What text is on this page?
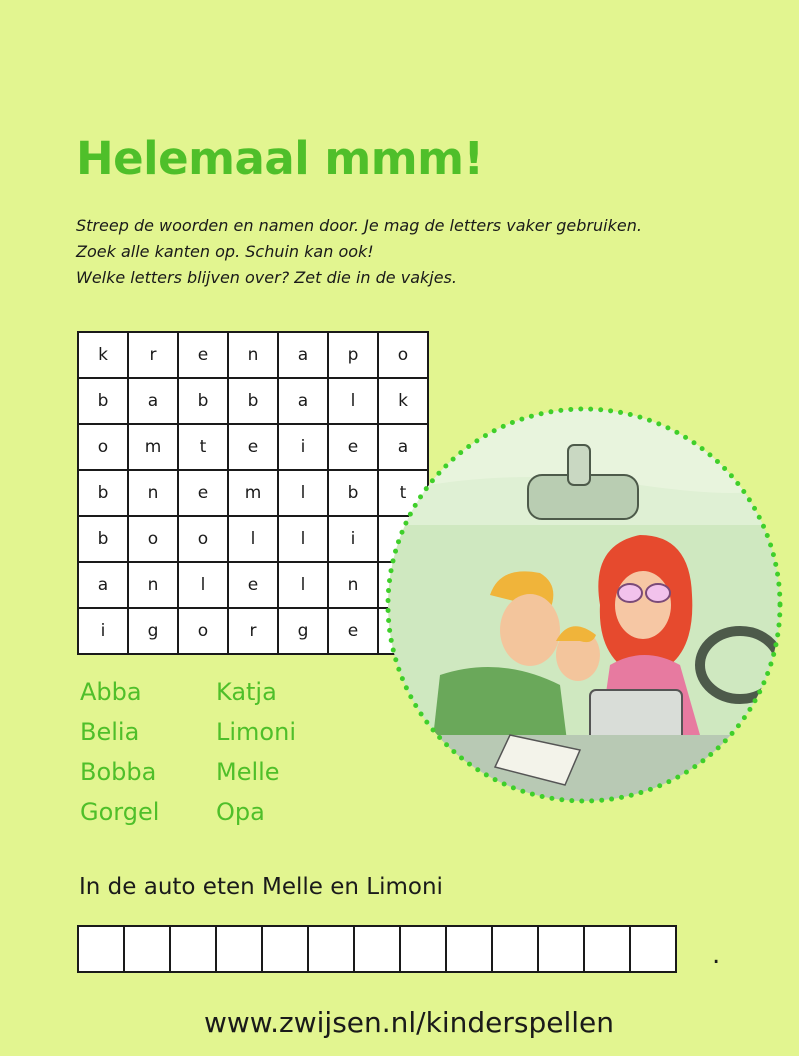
Helemaal mmm!
Streep de woorden en namen door. Je mag de letters vaker gebruiken.
Zoek alle kanten op. Schuin kan ook!
Welke letters blijven over? Zet die in de vakjes.
k	r	e	n	a	p	o
b	a	b	b	a	l	k
o	m	t	e	i	e	a
b	n	e	m	l	b	t
b	o	o	l	l	i	
a	n	l	e	l	n	
i	g	o	r	g	e	
Abba
Belia
Bobba
Gorgel
Katja
Limoni
Melle
Opa

In de auto eten Melle en Limoni

.

www.zwijsen.nl/kinderspellen
